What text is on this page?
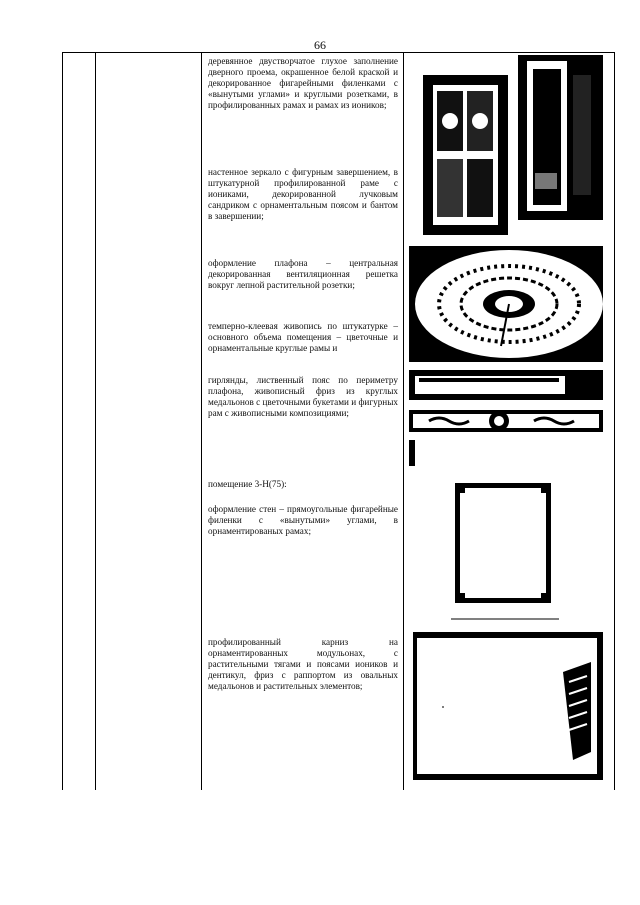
66
деревянное двустворчатое глухое заполнение дверного проема, окрашенное белой краской и декорированное фигарейными филенками с «вынутыми углами» и круглыми розетками, в профилированных рамах и рамах из иоников;
настенное зеркало с фигурным завершением, в штукатурной профилированной раме с иониками, декорированной лучковым сандриком с орнаментальным поясом и бантом в завершении;
оформление плафона – центральная декорированная вентиляционная решетка вокруг лепной растительной розетки;
темперно-клеевая живопись по штукатурке – основного объема помещения – цветочные и орнаментальные круглые рамы и
гирлянды, лиственный пояс по периметру плафона, живописный фриз из круглых медальонов с цветочными букетами и фигурных рам с живописными композициями;
помещение 3-Н(75):
оформление стен – прямоугольные фигарейные филенки с «вынутыми» углами, в орнаментированых рамах;
профилированный карниз на орнаментированных модульонах, с растительными тягами и поясами иоников и дентикул, фриз с раппортом из овальных медальонов и растительных элементов;
